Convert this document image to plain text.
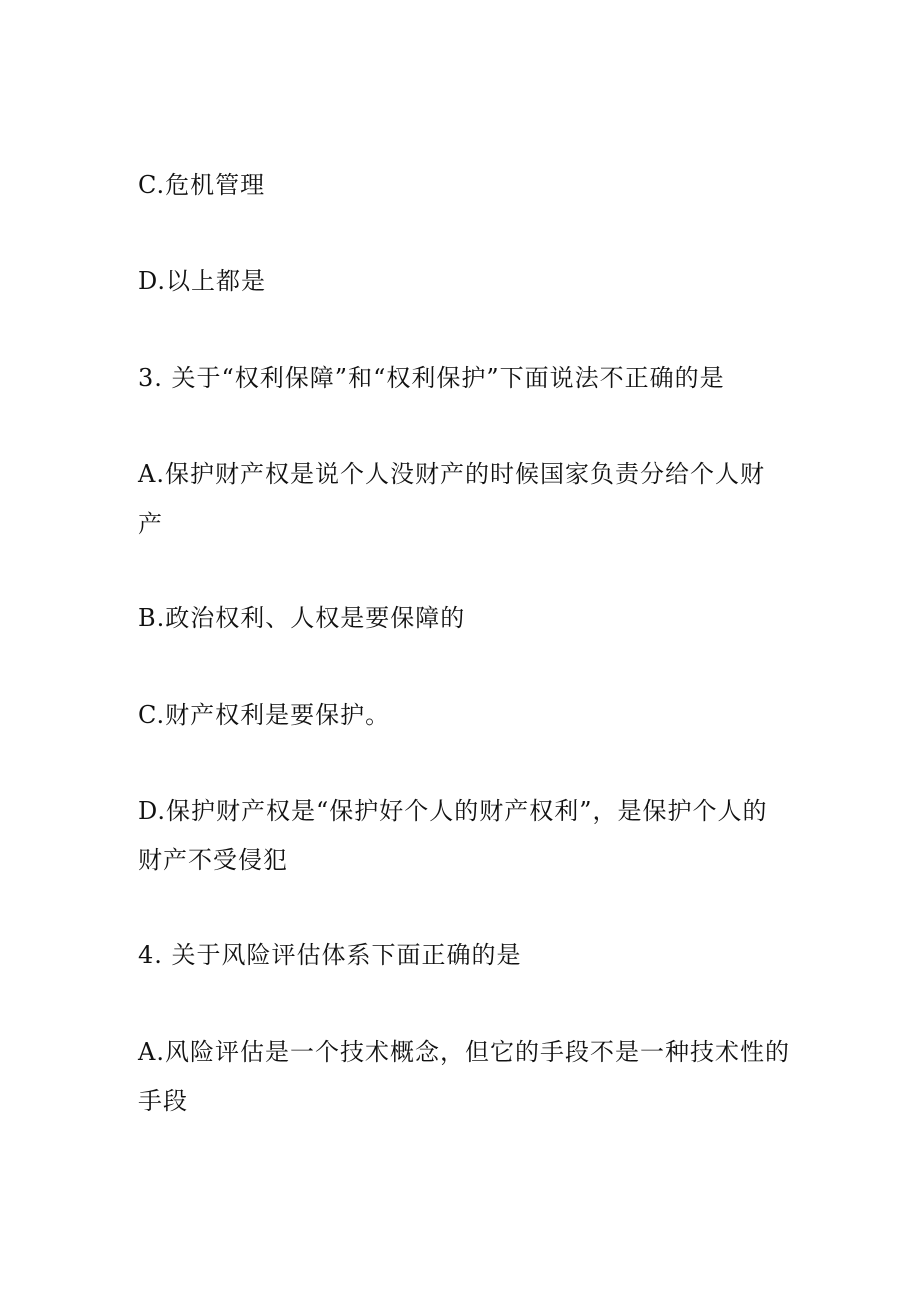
C.危机管理

D.以上都是

3. 关于“权利保障”和“权利保护”下面说法不正确的是

A.保护财产权是说个人没财产的时候国家负责分给个人财

产

B.政治权利、人权是要保障的

C.财产权利是要保护。

D.保护财产权是“保护好个人的财产权利”，是保护个人的

财产不受侵犯

4. 关于风险评估体系下面正确的是

A.风险评估是一个技术概念，但它的手段不是一种技术性的

手段
